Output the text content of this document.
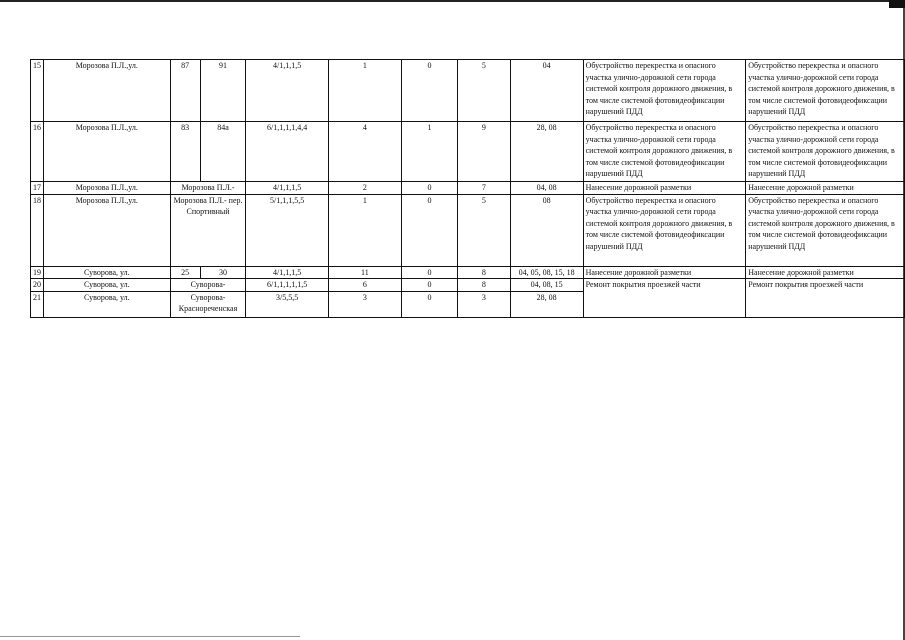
15	Морозова П.Л.,ул.	87	91	4/1,1,1,5	1	0	5	04	Обустройство перекрестка и опасного участка улично-дорожной сети города системой контроля дорожного движения, в том числе системой фотовидеофиксации нарушений ПДД	Обустройство перекрестка и опасного участка улично-дорожной сети города системой контроля дорожного движения, в том числе системой фотовидеофиксации нарушений ПДД
16	Морозова П.Л.,ул.	83	84а	6/1,1,1,1,4,4	4	1	9	28, 08	Обустройство перекрестка и опасного участка улично-дорожной сети города системой контроля дорожного движения, в том числе системой фотовидеофиксации нарушений ПДД	Обустройство перекрестка и опасного участка улично-дорожной сети города системой контроля дорожного движения, в том числе системой фотовидеофиксации нарушений ПДД
17	Морозова П.Л.,ул.	Морозова П.Л.-		4/1,1,1,5	2	0	7	04, 08	Нанесение дорожной разметки	Нанесение дорожной разметки
18	Морозова П.Л.,ул.	Морозова П.Л.- пер. Спортивный		5/1,1,1,5,5	1	0	5	08	Обустройство перекрестка и опасного участка улично-дорожной сети города системой контроля дорожного движения, в том числе системой фотовидеофиксации нарушений ПДД	Обустройство перекрестка и опасного участка улично-дорожной сети города системой контроля дорожного движения, в том числе системой фотовидеофиксации нарушений ПДД
19	Суворова, ул.	25	30	4/1,1,1,5	11	0	8	04, 05, 08, 15, 18	Нанесение дорожной разметки	Нанесение дорожной разметки
20	Суворова, ул.	Суворова-		6/1,1,1,1,1,5	6	0	8	04, 08, 15	Ремонт покрытия проезжей части	Ремонт покрытия проезжей части
21	Суворова, ул.	Суворова- Краснореченская		3/5,5,5	3	0	3	28, 08		
